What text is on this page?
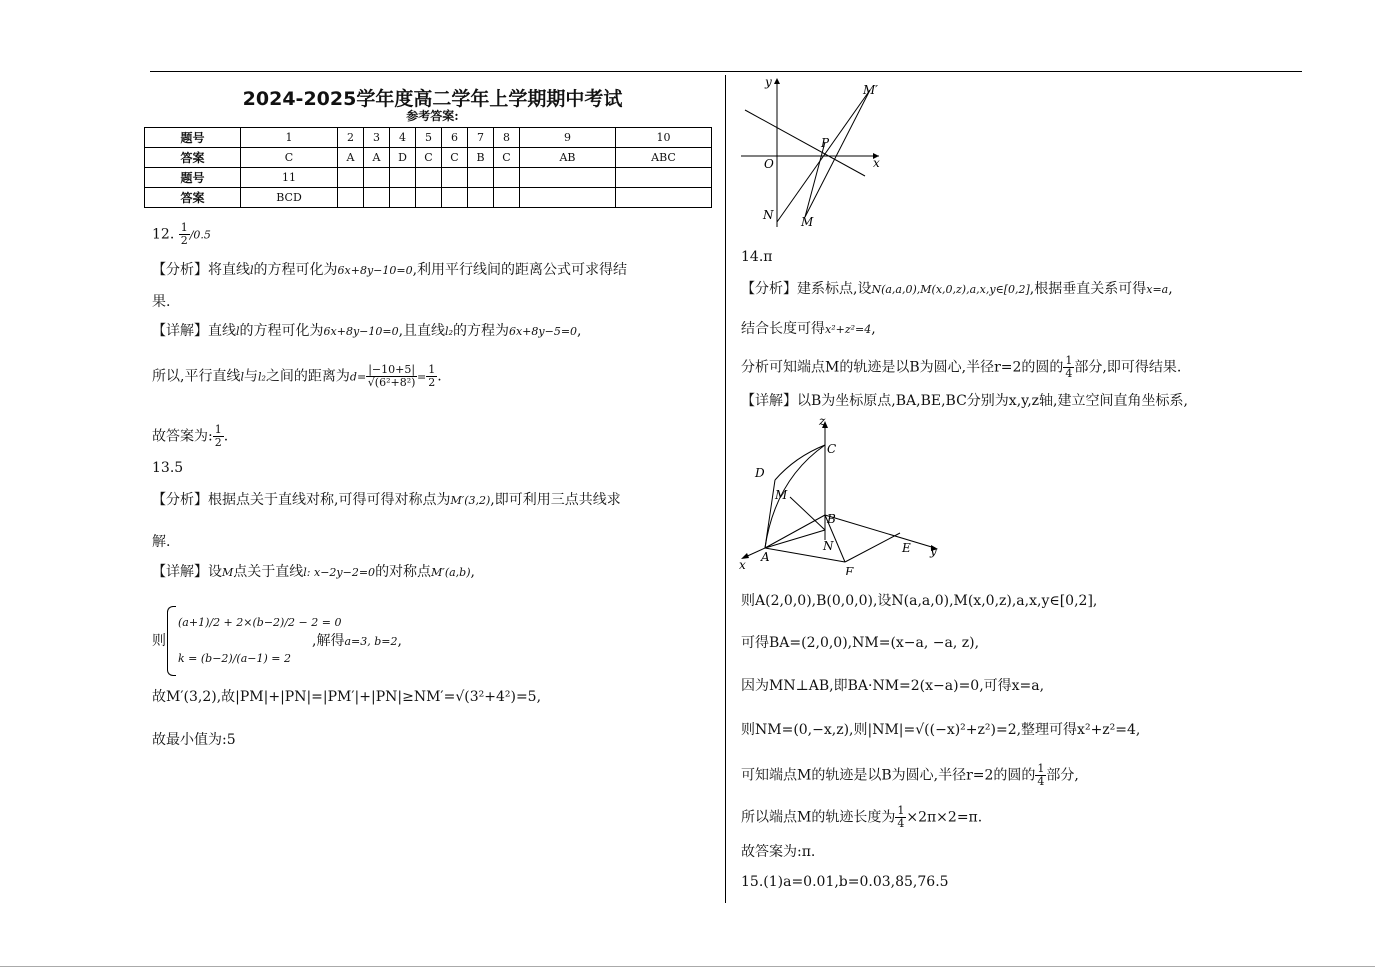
2024-2025学年度高二学年上学期期中考试
参考答案:
题号	1	2	3	4	5	6	7	8	9	10
答案	C	A	A	D	C	C	B	C	AB	ABC
题号	11									
答案	BCD									
12. $\frac{1}{2} /0.5$
【分析】将直线l的方程可化为6x+8y−10=0,利用平行线间的距离公式可求得结
果.
【详解】直线l的方程可化为6x+8y−10=0,且直线l₂的方程为6x+8y−5=0,
所以,平行直线l与l₂之间的距离为$d= \frac{|-10+5|}{\text{√(6²+8²)}} = \frac{1}{2}$ .
故答案为: $\frac{1}{2}$ .
13.5
【分析】根据点关于直线对称,可得可得对称点为M′(3,2),即可利用三点共线求
解.
【详解】设M点关于直线l: x−2y−2=0的对称点M′(a,b),
则
(a+1)/2 + 2×(b−2)/2 − 2 = 0
k = (b−2)/(a−1) = 2
,解得a=3, b=2,
故M′(3,2),故|PM|+|PN|=|PM′|+|PN|≥NM′=√(3²+4²)=5,
故最小值为:5
y
M′
P
O	x
N M
14.π
【分析】建系标点,设N(a,a,0),M(x,0,z),a,x,y∈[0,2],根据垂直关系可得x=a,
结合长度可得x²+z²=4,
分析可知端点M的轨迹是以B为圆心,半径r=2的圆的 $\frac{1}{4}$ 部分,即可得结果.
【详解】以B为坐标原点,BA,BE,BC分别为x,y,z轴,建立空间直角坐标系,
z
C
D
M
B
N	E y
x
A
F
则A(2,0,0),B(0,0,0),设N(a,a,0),M(x,0,z),a,x,y∈[0,2],
可得BA=(2,0,0),NM=(x−a, −a, z),
因为MN⊥AB,即BA·NM=2(x−a)=0,可得x=a,
则NM=(0,−x,z),则|NM|=√((−x)²+z²)=2,整理可得x²+z²=4,
可知端点M的轨迹是以B为圆心,半径r=2的圆的 $\frac{1}{4}$ 部分,
所以端点M的轨迹长度为 $\frac{1}{4} \times 2\pi\times 2=\pi$.
故答案为:π.
15.(1)a=0.01,b=0.03,85,76.5
